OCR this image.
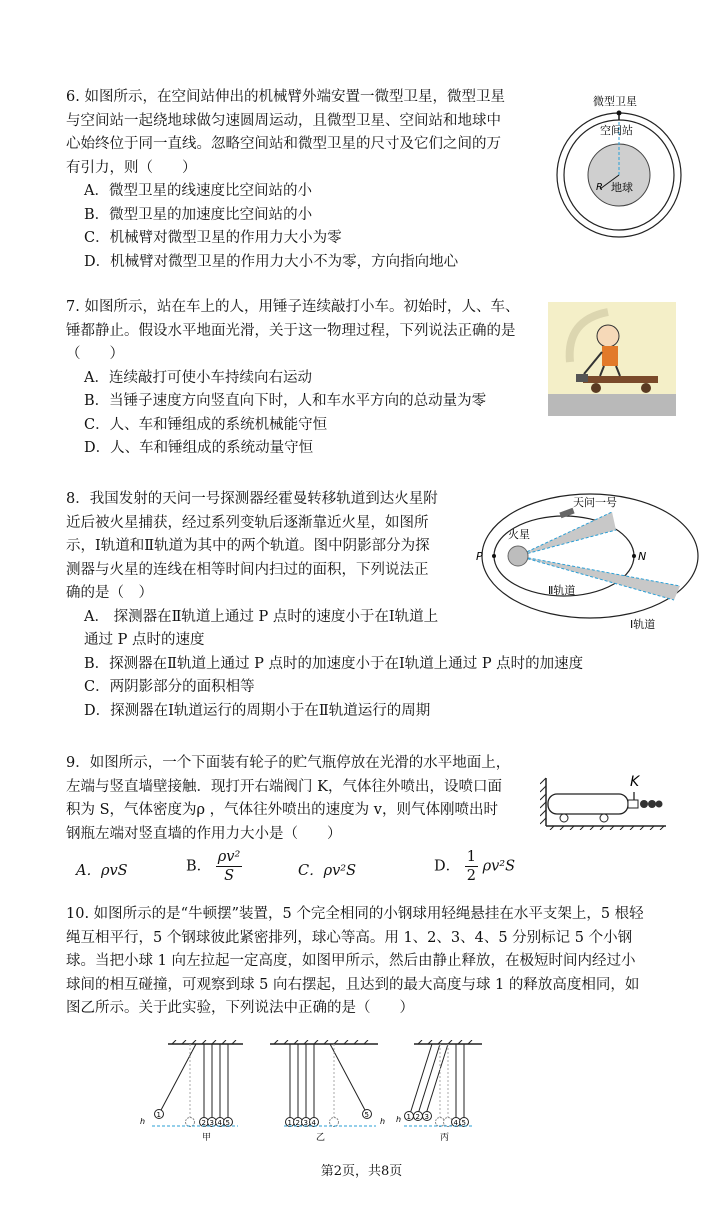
6. 如图所示，在空间站伸出的机械臂外端安置一微型卫星，微型卫星
与空间站一起绕地球做匀速圆周运动，且微型卫星、空间站和地球中
心始终位于同一直线。忽略空间站和微型卫星的尺寸及它们之间的万
有引力，则（　　）
A．微型卫星的线速度比空间站的小
B．微型卫星的加速度比空间站的小
C．机械臂对微型卫星的作用力大小为零
D．机械臂对微型卫星的作用力大小不为零，方向指向地心
微型卫星
空间站
地球
R
7. 如图所示，站在车上的人，用锤子连续敲打小车。初始时，人、车、
锤都静止。假设水平地面光滑，关于这一物理过程，下列说法正确的是
（　　）
A．连续敲打可使小车持续向右运动
B．当锤子速度方向竖直向下时，人和车水平方向的总动量为零
C．人、车和锤组成的系统机械能守恒
D．人、车和锤组成的系统动量守恒
8．我国发射的天问一号探测器经霍曼转移轨道到达火星附
近后被火星捕获，经过系列变轨后逐渐靠近火星，如图所
示，Ⅰ轨道和Ⅱ轨道为其中的两个轨道。图中阴影部分为探
测器与火星的连线在相等时间内扫过的面积，下列说法正
确的是（　）
A． 探测器在Ⅱ轨道上通过 P 点时的速度小于在Ⅰ轨道上
通过 P 点时的速度
B．探测器在Ⅱ轨道上通过 P 点时的加速度小于在Ⅰ轨道上通过 P 点时的加速度
C．两阴影部分的面积相等
D．探测器在Ⅰ轨道运行的周期小于在Ⅱ轨道运行的周期
天问一号
火星
P	N
Ⅱ轨道
Ⅰ轨道
9．如图所示，一个下面装有轮子的贮气瓶停放在光滑的水平地面上，
左端与竖直墙壁接触．现打开右端阀门 K，气体往外喷出，设喷口面
积为 S，气体密度为ρ ，气体往外喷出的速度为 v，则气体刚喷出时
钢瓶左端对竖直墙的作用力大小是（　　）
A．ρvS	B． $\frac{\text{ρv²}}{S}$	C．ρv²S	D． $\frac{1}{2} \rho v^2S$
K
10. 如图所示的是“牛顿摆”装置，5 个完全相同的小钢球用轻绳悬挂在水平支架上，5 根轻
绳互相平行，5 个钢球彼此紧密排列，球心等高。用 1、2、3、4、5 分别标记 5 个小钢
球。当把小球 1 向左拉起一定高度，如图甲所示，然后由静止释放，在极短时间内经过小
球间的相互碰撞，可观察到球 5 向右摆起，且达到的最大高度与球 1 的释放高度相同，如
图乙所示。关于此实验，下列说法中正确的是（　　）
1
2 3 4 5
h
甲
1 2 3 4
5
h
乙
1 2 3
4 5
h
丙
第2页，共8页
